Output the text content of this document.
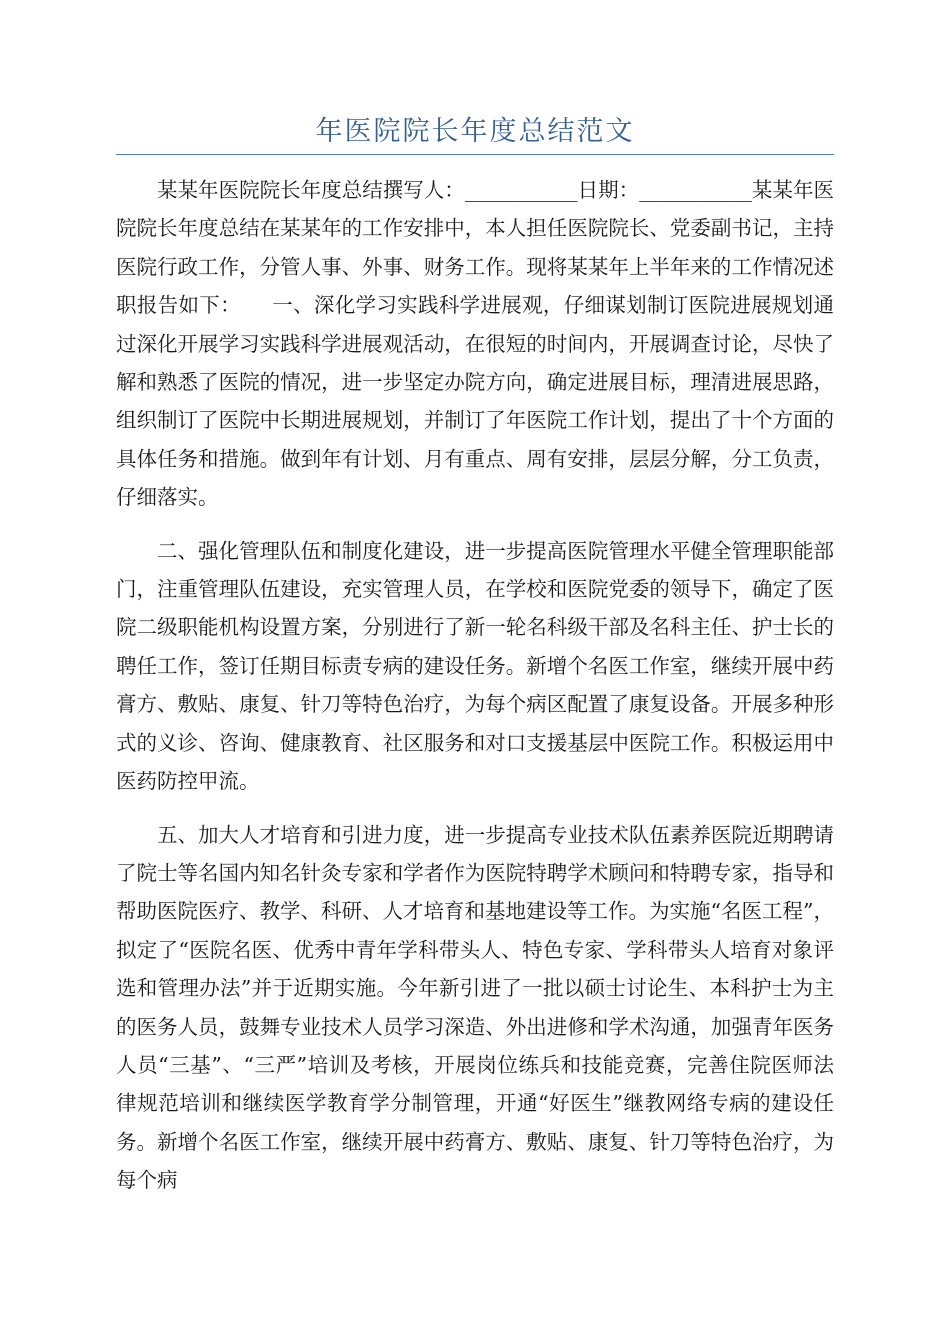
年医院院长年度总结范文

某某年医院院长年度总结撰写人：___________日期：___________某某年医院院长年度总结在某某年的工作安排中，本人担任医院院长、党委副书记，主持医院行政工作，分管人事、外事、财务工作。现将某某年上半年来的工作情况述职报告如下：　　一、深化学习实践科学进展观，仔细谋划制订医院进展规划通过深化开展学习实践科学进展观活动，在很短的时间内，开展调查讨论，尽快了解和熟悉了医院的情况，进一步坚定办院方向，确定进展目标，理清进展思路，组织制订了医院中长期进展规划，并制订了年医院工作计划，提出了十个方面的具体任务和措施。做到年有计划、月有重点、周有安排，层层分解，分工负责，仔细落实。

二、强化管理队伍和制度化建设，进一步提高医院管理水平健全管理职能部门，注重管理队伍建设，充实管理人员，在学校和医院党委的领导下，确定了医院二级职能机构设置方案，分别进行了新一轮名科级干部及名科主任、护士长的聘任工作，签订任期目标责专病的建设任务。新增个名医工作室，继续开展中药膏方、敷贴、康复、针刀等特色治疗，为每个病区配置了康复设备。开展多种形式的义诊、咨询、健康教育、社区服务和对口支援基层中医院工作。积极运用中医药防控甲流。

五、加大人才培育和引进力度，进一步提高专业技术队伍素养医院近期聘请了院士等名国内知名针灸专家和学者作为医院特聘学术顾问和特聘专家，指导和帮助医院医疗、教学、科研、人才培育和基地建设等工作。为实施“名医工程”，拟定了“医院名医、优秀中青年学科带头人、特色专家、学科带头人培育对象评选和管理办法”并于近期实施。今年新引进了一批以硕士讨论生、本科护士为主的医务人员，鼓舞专业技术人员学习深造、外出进修和学术沟通，加强青年医务人员“三基”、“三严”培训及考核，开展岗位练兵和技能竞赛，完善住院医师法律规范培训和继续医学教育学分制管理，开通“好医生”继教网络专病的建设任务。新增个名医工作室，继续开展中药膏方、敷贴、康复、针刀等特色治疗，为每个病
